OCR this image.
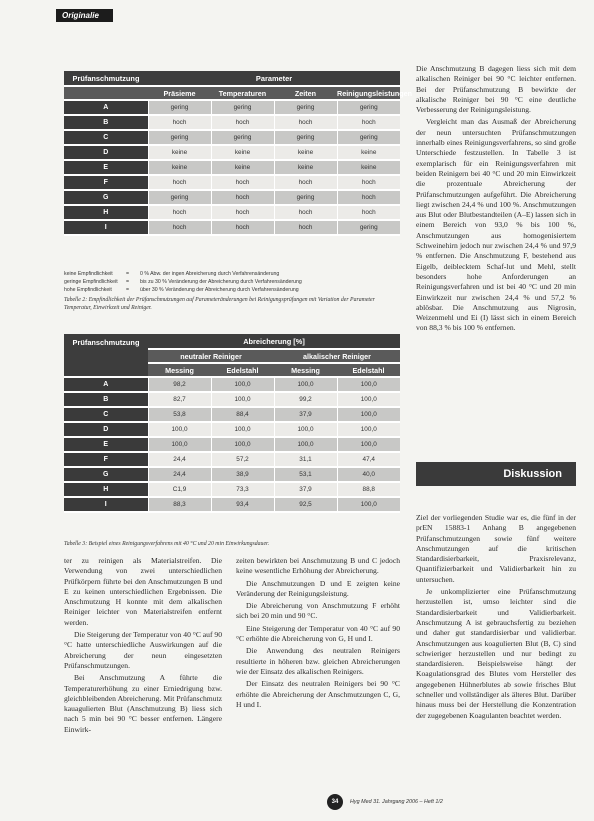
Originalie
Prüfanschmutzung	Parameter			
	Präsieme	Temperaturen	Zeiten	Reinigungsleistungen
A	gering	gering	gering	gering
B	hoch	hoch	hoch	hoch
C	gering	gering	gering	gering
D	keine	keine	keine	keine
E	keine	keine	keine	keine
F	hoch	hoch	hoch	hoch
G	gering	hoch	gering	hoch
H	hoch	hoch	hoch	hoch
I	hoch	hoch	hoch	gering
keine Empfindlichkeit	=	0 % Abw. der ingen Abreicherung durch Verfahrensänderung
geringe Empfindlichkeit	=	bis zu 30 % Veränderung der Abreicherung durch Verfahrensänderung
hohe Empfindlichkeit	=	über 30 % Veränderung der Abreicherung durch Verfahrensänderung
Tabelle 2: Empfindlichkeit der Prüfanschmutzungen auf Parameteränderungen bei Reinigungsprüfungen mit Variation der Parameter Temperatur, Einwirkzeit und Reiniger.
Prüfanschmutzung	Abreicherung [%]			
	neutraler Reiniger		alkalischer Reiniger	
	Messing	Edelstahl	Messing	Edelstahl
A	98,2	100,0	100,0	100,0
B	82,7	100,0	99,2	100,0
C	53,8	88,4	37,9	100,0
D	100,0	100,0	100,0	100,0
E	100,0	100,0	100,0	100,0
F	24,4	57,2	31,1	47,4
G	24,4	38,9	53,1	40,0
H	C1,9	73,3	37,9	88,8
I	88,3	93,4	92,5	100,0
Tabelle 3: Beispiel eines Reinigungsverfahrens mit 40 °C und 20 min Einwirkungsdauer.

ter zu reinigen als Materialstreifen. Die Verwendung von zwei unterschiedlichen Prüfkörpern führte bei den Anschmutzungen B und E zu keinen unterschiedlichen Ergebnissen. Die Anschmutzung H konnte mit dem alkalischen Reiniger leichter von Materialstreifen entfernt werden.

Die Steigerung der Temperatur von 40 °C auf 90 °C hatte unterschiedliche Auswirkungen auf die Abreicherung der neun eingesetzten Prüfanschmutzungen.

Bei Anschmutzung A führte die Temperaturerhöhung zu einer Erniedrigung bzw. gleichbleibenden Abreicherung. Mit Prüfanschmutz kauagulierten Blut (Anschmutzung B) liess sich nach 5 min bei 90 °C besser entfernen. Längere Einwirk-

zeiten bewirkten bei Anschmutzung B und C jedoch keine wesentliche Erhöhung der Abreicherung.

Die Anschmutzungen D und E zeigten keine Veränderung der Reinigungsleistung.

Die Abreicherung von Anschmutzung F erhöht sich bei 20 min und 90 °C.

Eine Steigerung der Temperatur von 40 °C auf 90 °C erhöhte die Abreicherung von G, H und I.

Die Anwendung des neutralen Reinigers resultierte in höheren bzw. gleichen Abreicherungen wie der Einsatz des alkalischen Reinigers.

Der Einsatz des neutralen Reinigers bei 90 °C erhöhte die Abreicherung der Anschmutzungen C, G, H und I.

Die Anschmutzung B dagegen liess sich mit dem alkalischen Reiniger bei 90 °C leichter entfernen. Bei der Prüfanschmutzung B bewirkte der alkalische Reiniger bei 90 °C eine deutliche Verbesserung der Reinigungsleistung.

Vergleicht man das Ausmaß der Abreicherung der neun untersuchten Prüfanschmutzungen innerhalb eines Reinigungsverfahrens, so sind große Unterschiede festzustellen. In Tabelle 3 ist exemplarisch für ein Reinigungsverfahren mit beiden Reinigern bei 40 °C und 20 min Einwirkzeit die prozentuale Abreicherung der Prüfanschmutzungen aufgeführt. Die Abreicherung liegt zwischen 24,4 % und 100 %. Anschmutzungen aus Blut oder Blutbestandteilen (A–E) lassen sich in einem Bereich von 93,0 % bis 100 %, Anschmutzungen aus homogenisiertem Schweinehirn jedoch nur zwischen 24,4 % und 97,9 % entfernen. Die Anschmutzung F, bestehend aus Eigelb, deiblecktem Schaf-lut und Mehl, stellt besonders hohe Anforderungen an Reinigungsverfahren und ist bei 40 °C und 20 min Einwirkzeit nur zwischen 24,4 % und 57,2 % ablösbar. Die Anschmutzung aus Nigrosin, Weizenmehl und Ei (I) lässt sich in einem Bereich von 88,3 % bis 100 % entfernen.

Diskussion

Ziel der vorliegenden Studie war es, die fünf in der prEN 15883-1 Anhang B angegebenen Prüfanschmutzungen sowie fünf weitere Anschmutzungen auf die kritischen Standardisierbarkeit, Praxisrelevanz, Quantifizierbarkeit und Validierbarkeit hin zu untersuchen.

Je unkomplizierter eine Prüfanschmutzung herzustellen ist, umso leichter sind die Standardisierbarkeit und Validierbarkeit. Anschmutzung A ist gebrauchsfertig zu beziehen und daher gut standardisierbar und validierbar. Anschmutzungen aus koagulierten Blut (B, C) sind schwieriger herzustellen und nur bedingt zu standardisieren. Beispielsweise hängt der Koagulationsgrad des Blutes vom Hersteller des angegebenen Hühnerblutes ab sowie frisches Blut schneller und vollständiger als älteres Blut. Darüber hinaus muss bei der Herstellung die Konzentration der zugegebenen Koagulanten beachtet werden.

34	Hyg Med 31. Jahrgang 2006 – Heft 1/2
